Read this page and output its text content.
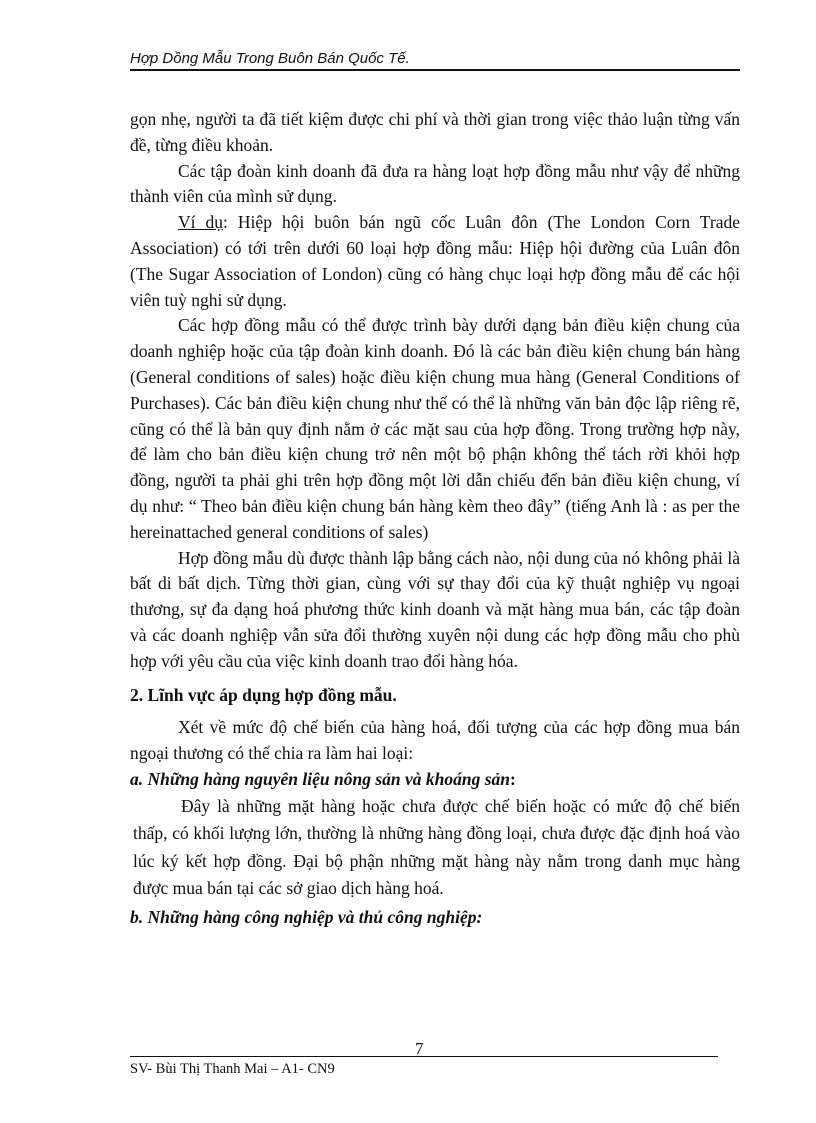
Hợp Dồng Mẫu Trong Buôn Bán Quốc Tế.

gọn nhẹ, người ta đã tiết kiệm được chi phí và thời gian trong việc thảo luận từng vấn đề, từng điều khoản.

Các tập đoàn kinh doanh đã đưa ra hàng loạt hợp đồng mẫu như vậy để những thành viên của mình sử dụng.

Ví dụ: Hiệp hội buôn bán ngũ cốc Luân đôn (The London Corn Trade Association) có tới trên dưới 60 loại hợp đồng mẫu: Hiệp hội đường của Luân đôn (The Sugar Association of London) cũng có hàng chục loại hợp đồng mẫu để các hội viên tuỳ nghi sử dụng.

Các hợp đồng mẫu có thể được trình bày dưới dạng bản điều kiện chung của doanh nghiệp hoặc của tập đoàn kinh doanh. Đó là các bản điều kiện chung bán hàng (General conditions of sales) hoặc điều kiện chung mua hàng (General Conditions of Purchases). Các bản điều kiện chung như thế có thể là những văn bản độc lập riêng rẽ, cũng có thể là bản quy định nằm ở các mặt sau của hợp đồng. Trong trường hợp này, để làm cho bản điều kiện chung trở nên một bộ phận không thể tách rời khỏi hợp đồng, người ta phải ghi trên hợp đồng một lời dẫn chiếu đến bản điều kiện chung, ví dụ như: “ Theo bản điều kiện chung bán hàng kèm theo đây” (tiếng Anh là : as per the hereinattached general conditions of sales)

Hợp đồng mẫu dù được thành lập bằng cách nào, nội dung của nó không phải là bất di bất dịch. Từng thời gian, cùng với sự thay đổi của kỹ thuật nghiệp vụ ngoại thương, sự đa dạng hoá phương thức kinh doanh và mặt hàng mua bán, các tập đoàn và các doanh nghiệp vẫn sửa đổi thường xuyên nội dung các hợp đồng mẫu cho phù hợp với yêu cầu của việc kinh doanh trao đổi hàng hóa.

2. Lĩnh vực áp dụng hợp đồng mẫu.

Xét về mức độ chế biến của hàng hoá, đối tượng của các hợp đồng mua bán ngoại thương có thể chia ra làm hai loại:

a. Những hàng nguyên liệu nông sản và khoáng sản:

Đây là những mặt hàng hoặc chưa được chế biến hoặc có mức độ chế biến thấp, có khối lượng lớn, thường là những hàng đồng loại, chưa được đặc định hoá vào lúc ký kết hợp đồng. Đại bộ phận những mặt hàng này nằm trong danh mục hàng được mua bán tại các sở giao dịch hàng hoá.

b. Những hàng công nghiệp và thủ công nghiệp:

7
SV- Bùi Thị Thanh Mai – A1- CN9
